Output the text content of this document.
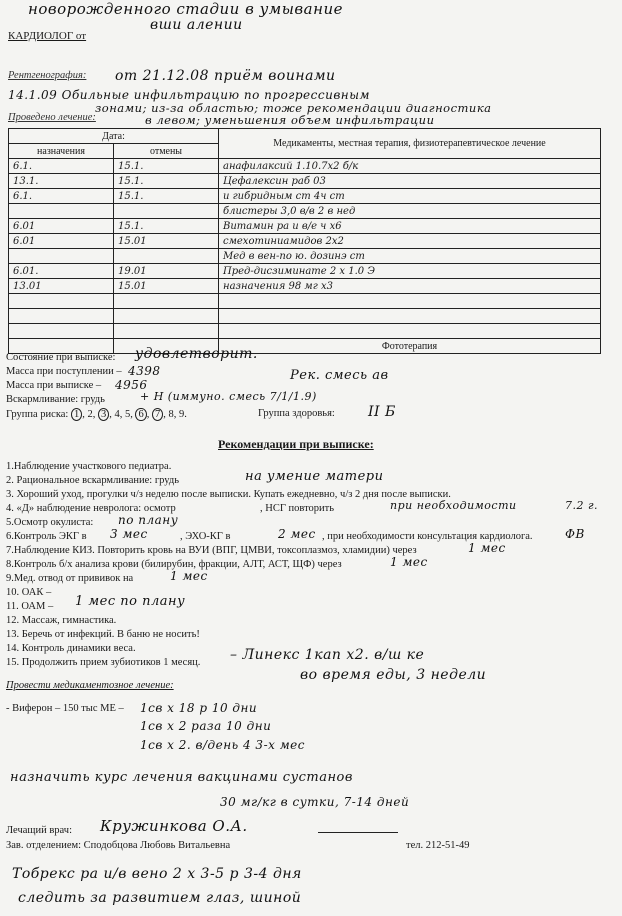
новорожденного стадии в умывание
вши алении
КАРДИОЛОГ от
Рентгенография: от 21.12.08 приём воинами
14.1.09 Обильные инфильтрацию по прогрессивным
зонами; из-за областью; тоже рекомендации диагностика
Проведено лечение:	в левом; уменьшения объем инфильтрации
Дата:		Медикаменты, местная терапия, физиотерапевтическое лечение
назначения	отмены	
6.1.	15.1.	анафилаксий 1.10.7х2 б/к
13.1.	15.1.	Цефалексин раб 03
6.1.	15.1.	и гибридным ст 4ч ст
		блистеры 3,0 в/в 2 в нед
6.01	15.1.	Витамин ра и в/е ч х6
6.01	15.01	смехотиниамидов 2х2
		Мед в вен-по ю. дозинэ ст
6.01.	19.01	Пред-дисзиминате 2 х 1.0 Э
13.01	15.01	назначения 98 мг х3

		Фототерапия
Состояние при выписке: удовлетворит.
Масса при поступлении – 4398	Рек. смесь ав
Масса при выписке – 4956
Вскармливание: грудь	+ Н (иммуно. смесь 7/1/1.9)
Группа риска: 1 , 2, 3 , 4, 5, 6 , 7 , 8, 9.	Группа здоровья: II Б
Рекомендации при выписке:
1.Наблюдение участкового педиатра.
2. Рациональное вскармливание: грудь	на умение матери
3. Хороший уход, прогулки ч/з неделю после выписки. Купать ежедневно, ч/з 2 дня после выписки.
4. «Д» наблюдение невролога: осмотр	, НСГ повторить	при необходимости	7.2 г.
5.Осмотр окулиста: по плану
6.Контроль ЭКГ в 3 мес	, ЭХО-КГ в	2 мес , при необходимости консультация кардиолога.	ФВ
7.Наблюдение КИЗ. Повторить кровь на ВУИ (ВПГ, ЦМВИ, токсоплазмоз, хламидии) через	1 мес
8.Контроль б/х анализа крови (билирубин, фракции, АЛТ, АСТ, ЩФ) через	1 мес
9.Мед. отвод от прививок на	1 мес
10. ОАК –
11. ОАМ – 1 мес по плану
12. Массаж, гимнастика.
13. Беречь от инфекций. В баню не носить!
14. Контроль динамики веса.
15. Продолжить прием зубиотиков 1 месяц. – Линекс 1кап х2. в/ш ке
во время еды, 3 недели
Провести медикаментозное лечение:
- Виферон – 150 тыс МЕ – 1св х 18 р 10 дни
1св х 2 раза 10 дни
1св х 2. в/день 4 3-х мес
назначить курс лечения вакцинами сустанов
30 мг/кг в сутки, 7-14 дней
Лечащий врач: Кружинкова О.А.
Зав. отделением: Сподобцова Любовь Витальевна	тел. 212-51-49
Тобрекс ра и/в вено 2 х 3-5 р 3-4 дня
следить за развитием глаз, шиной
